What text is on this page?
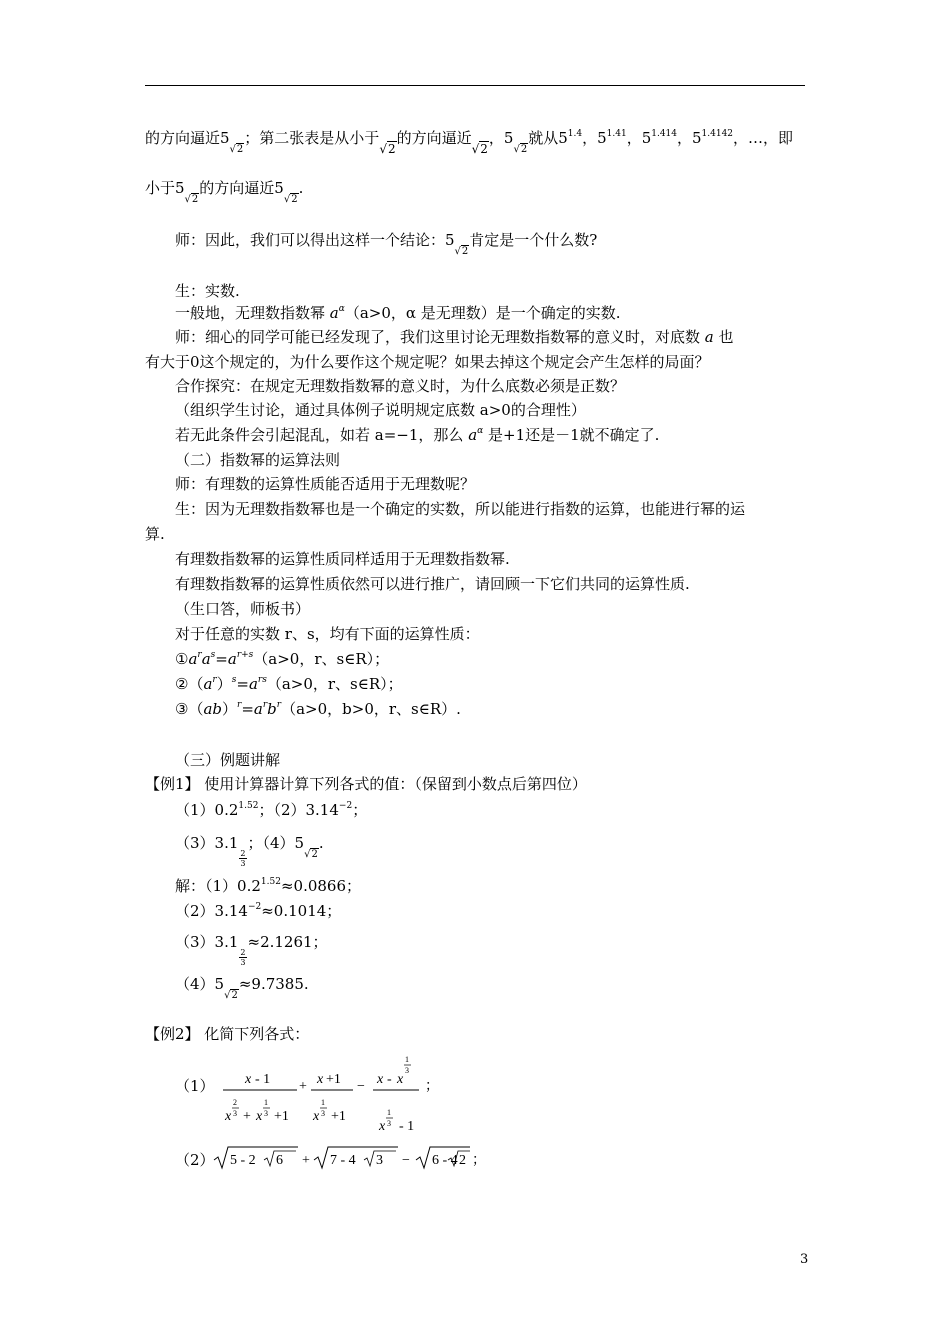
的方向逼近5√2；第二张表是从小于√2的方向逼近√2，5√2就从$5^{1.4}$，$5^{1.41}$，$5^{1.414}$，$5^{1.4142}$，…，即
小于5√2的方向逼近5√2.
师：因此，我们可以得出这样一个结论：5√2肯定是一个什么数?
生：实数.
一般地，无理数指数幂 $a^\alpha(a>0$，α 是无理数）是一个确定的实数.
师：细心的同学可能已经发现了，我们这里讨论无理数指数幂的意义时，对底数 a 也
有大于0这个规定的，为什么要作这个规定呢？如果去掉这个规定会产生怎样的局面？
合作探究：在规定无理数指数幂的意义时，为什么底数必须是正数？
（组织学生讨论，通过具体例子说明规定底数 a>0的合理性）
若无此条件会引起混乱，如若 a=−1，那么 $a^\alpha$ 是+1还是－1就不确定了.
（二）指数幂的运算法则
师：有理数的运算性质能否适用于无理数呢？
生：因为无理数指数幂也是一个确定的实数，所以能进行指数的运算，也能进行幂的运
算.
有理数指数幂的运算性质同样适用于无理数指数幂.
有理数指数幂的运算性质依然可以进行推广，请回顾一下它们共同的运算性质.
（生口答，师板书）
对于任意的实数 r、s，均有下面的运算性质：
$①a^ra^s=a^{r+s}(a>0$，r、s∈R）；
$②(a^r)^s=a^{rs}(a>0$，r、s∈R）；
$③(ab)^r=a^rb^r(a>0$，b>0，r、s∈R）.
（三）例题讲解
【例1】 使用计算器计算下列各式的值：（保留到小数点后第四位）
$(1)0.2^{1.52}$；$(2)3.14^{-2}$；
（3）3.1
$\frac{2}{3}$
；（4）5√2.
解：$(1)0.2^{1.52}\approx 0.0866$；
$(2)3.14^{-2}\approx 0.1014$；
（3）3.1
$\frac{2}{3}$
≈2.1261；
（4）5√2≈9.7385.
【例2】 化简下列各式：
（1） x - 1
x
2
3 + x
1
3 +1
+ x +1
x
1
3 +1
− x - x
1
3
x
1
3 - 1
；
（2） 5 - 2 6 + 7 - 4 3 − 6 - 4 2 ；
3
